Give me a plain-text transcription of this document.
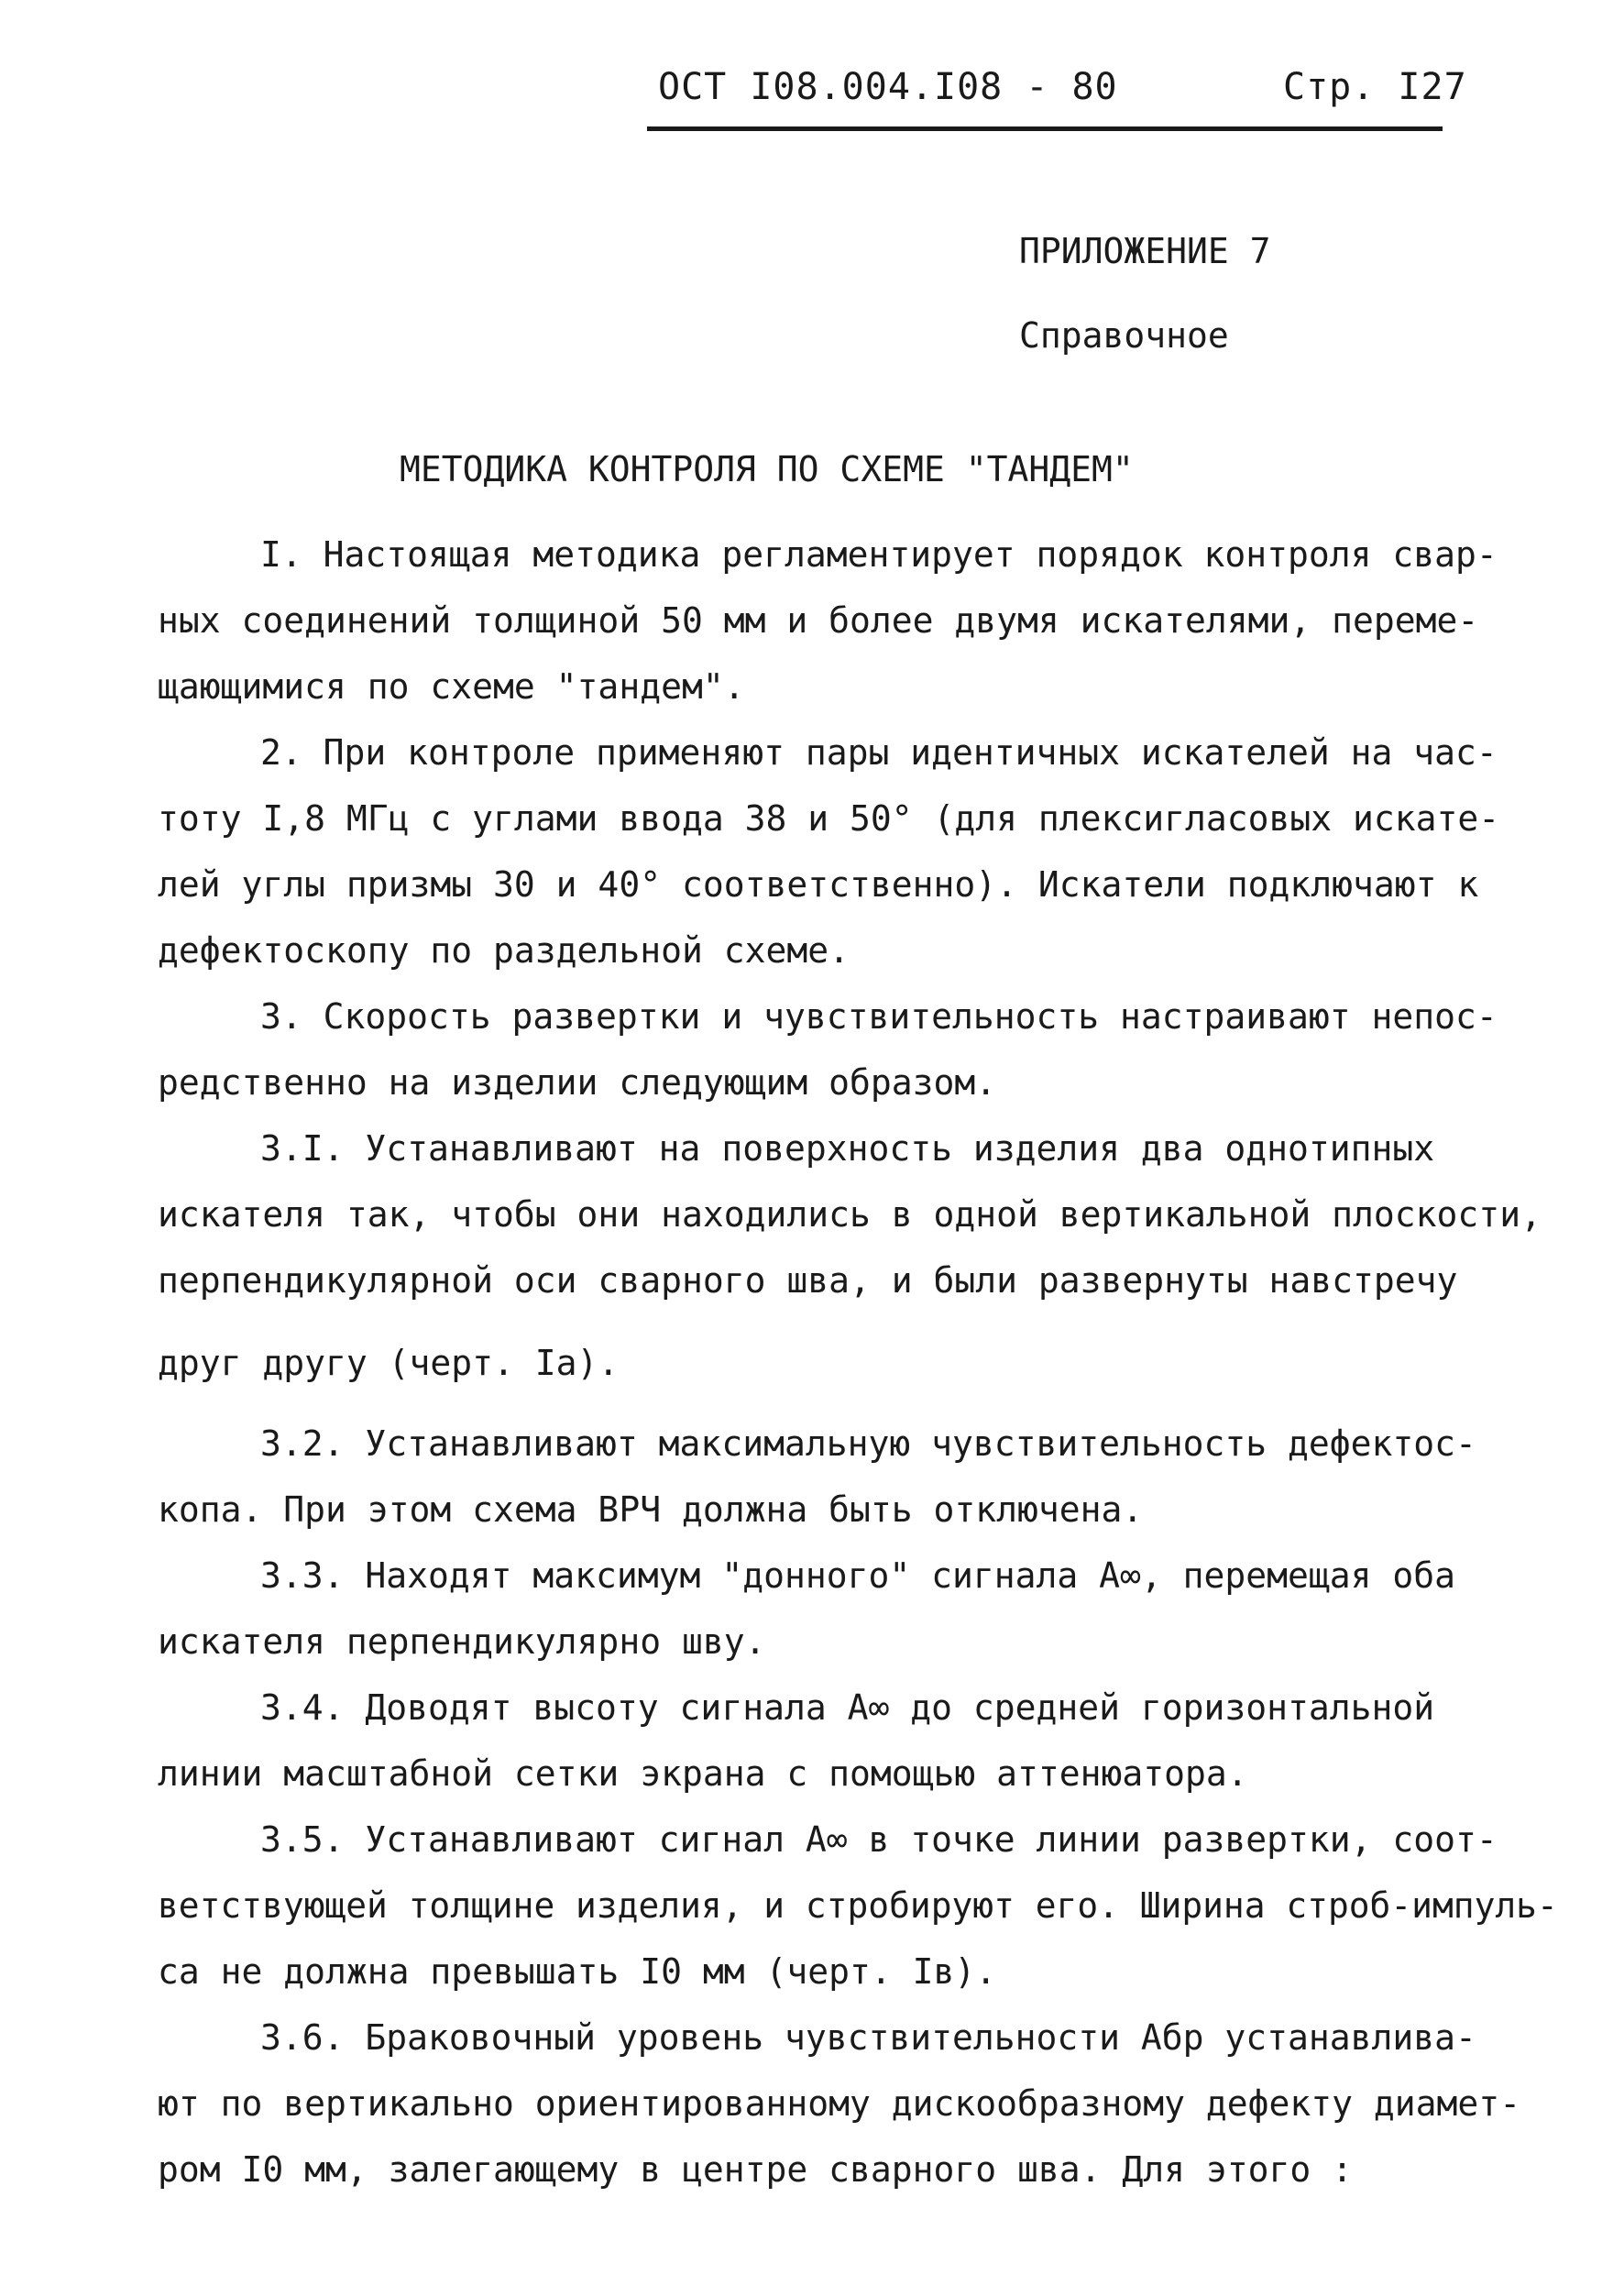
ОСТ I08.004.I08 - 80	Стр. I27
ПРИЛОЖЕНИЕ 7
Справочное
МЕТОДИКА КОНТРОЛЯ ПО СХЕМЕ "ТАНДЕМ"
I. Настоящая методика регламентирует порядок контроля свар-
ных соединений толщиной 50 мм и более двумя искателями, переме-
щающимися по схеме "тандем".
2. При контроле применяют пары идентичных искателей на час-
тоту I,8 МГц с углами ввода 38 и 50° (для плексигласовых искате-
лей углы призмы 30 и 40° соответственно). Искатели подключают к
дефектоскопу по раздельной схеме.
3. Скорость развертки и чувствительность настраивают непос-
редственно на изделии следующим образом.
3.I. Устанавливают на поверхность изделия два однотипных
искателя так, чтобы они находились в одной вертикальной плоскости,
перпендикулярной оси сварного шва, и были развернуты навстречу
друг другу (черт. Iа).
3.2. Устанавливают максимальную чувствительность дефектос-
копа. При этом схема ВРЧ должна быть отключена.
3.3. Находят максимум "донного" сигнала A∞, перемещая оба
искателя перпендикулярно шву.
3.4. Доводят высоту сигнала A∞ до средней горизонтальной
линии масштабной сетки экрана с помощью аттенюатора.
3.5. Устанавливают сигнал A∞ в точке линии развертки, соот-
ветствующей толщине изделия, и стробируют его. Ширина строб-импуль-
са не должна превышать I0 мм (черт. Iв).
3.6. Браковочный уровень чувствительности Абр устанавлива-
ют по вертикально ориентированному дискообразному дефекту диамет-
ром I0 мм, залегающему в центре сварного шва. Для этого :
